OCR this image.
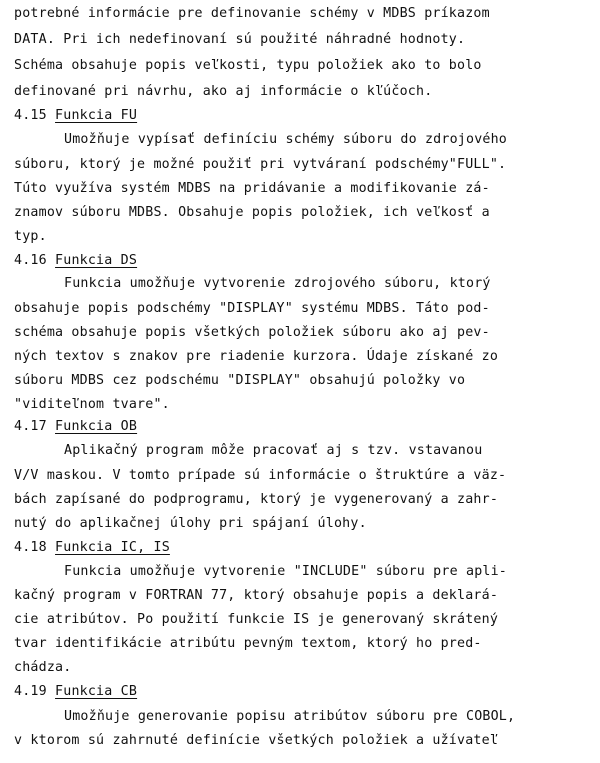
potrebné informácie pre definovanie schémy v MDBS príkazom
DATA. Pri ich nedefinovaní sú použité náhradné hodnoty.
Schéma obsahuje popis veľkosti, typu položiek ako to bolo
definované pri návrhu, ako aj informácie o kľúčoch.
4.15 Funkcia FU
Umožňuje vypísať definíciu schémy súboru do zdrojového
súboru, ktorý je možné použiť pri vytváraní podschémy"FULL".
Túto využíva systém MDBS na pridávanie a modifikovanie zá-
znamov súboru MDBS. Obsahuje popis položiek, ich veľkosť a
typ.
4.16 Funkcia DS
Funkcia umožňuje vytvorenie zdrojového súboru, ktorý
obsahuje popis podschémy "DISPLAY" systému MDBS. Táto pod-
schéma obsahuje popis všetkých položiek súboru ako aj pev-
ných textov s znakov pre riadenie kurzora. Údaje získané zo
súboru MDBS cez podschému "DISPLAY" obsahujú položky vo
"viditeľnom tvare".
4.17 Funkcia OB
Aplikačný program môže pracovať aj s tzv. vstavanou
V/V maskou. V tomto prípade sú informácie o štruktúre a väz-
bách zapísané do podprogramu, ktorý je vygenerovaný a zahr-
nutý do aplikačnej úlohy pri spájaní úlohy.
4.18 Funkcia IC, IS
Funkcia umožňuje vytvorenie "INCLUDE" súboru pre apli-
kačný program v FORTRAN 77, ktorý obsahuje popis a deklará-
cie atribútov. Po použití funkcie IS je generovaný skrátený
tvar identifikácie atribútu pevným textom, ktorý ho pred-
chádza.
4.19 Funkcia CB
Umožňuje generovanie popisu atribútov súboru pre COBOL,
v ktorom sú zahrnuté definície všetkých položiek a užívateľ
